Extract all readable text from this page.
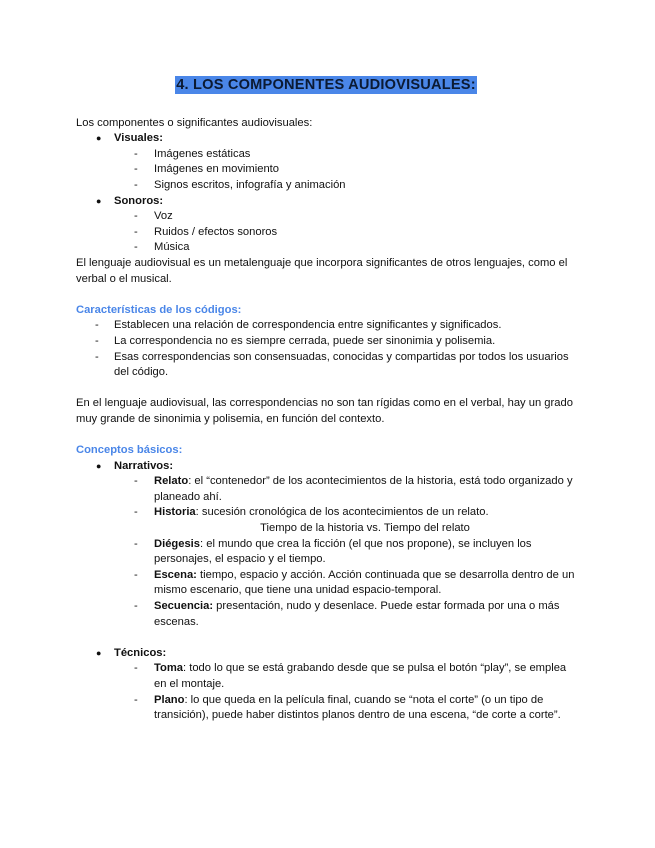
4. LOS COMPONENTES AUDIOVISUALES:

Los componentes o significantes audiovisuales:

● Visuales:
- Imágenes estáticas
- Imágenes en movimiento
- Signos escritos, infografía y animación
● Sonoros:
- Voz
- Ruidos / efectos sonoros
- Música

El lenguaje audiovisual es un metalenguaje que incorpora significantes de otros lenguajes, como el verbal o el musical.

Características de los códigos:

- Establecen una relación de correspondencia entre significantes y significados.
- La correspondencia no es siempre cerrada, puede ser sinonimia y polisemia.
- Esas correspondencias son consensuadas, conocidas y compartidas por todos los usuarios del código.

En el lenguaje audiovisual, las correspondencias no son tan rígidas como en el verbal, hay un grado muy grande de sinonimia y polisemia, en función del contexto.

Conceptos básicos:

● Narrativos:
- Relato: el “contenedor” de los acontecimientos de la historia, está todo organizado y planeado ahí.
- Historia: sucesión cronológica de los acontecimientos de un relato.

Tiempo de la historia vs. Tiempo del relato

- Diégesis: el mundo que crea la ficción (el que nos propone), se incluyen los personajes, el espacio y el tiempo.
- Escena: tiempo, espacio y acción. Acción continuada que se desarrolla dentro de un mismo escenario, que tiene una unidad espacio-temporal.
- Secuencia: presentación, nudo y desenlace. Puede estar formada por una o más escenas.
● Técnicos:
- Toma: todo lo que se está grabando desde que se pulsa el botón “play”, se emplea en el montaje.
- Plano: lo que queda en la película final, cuando se “nota el corte” (o un tipo de transición), puede haber distintos planos dentro de una escena, “de corte a corte”.
